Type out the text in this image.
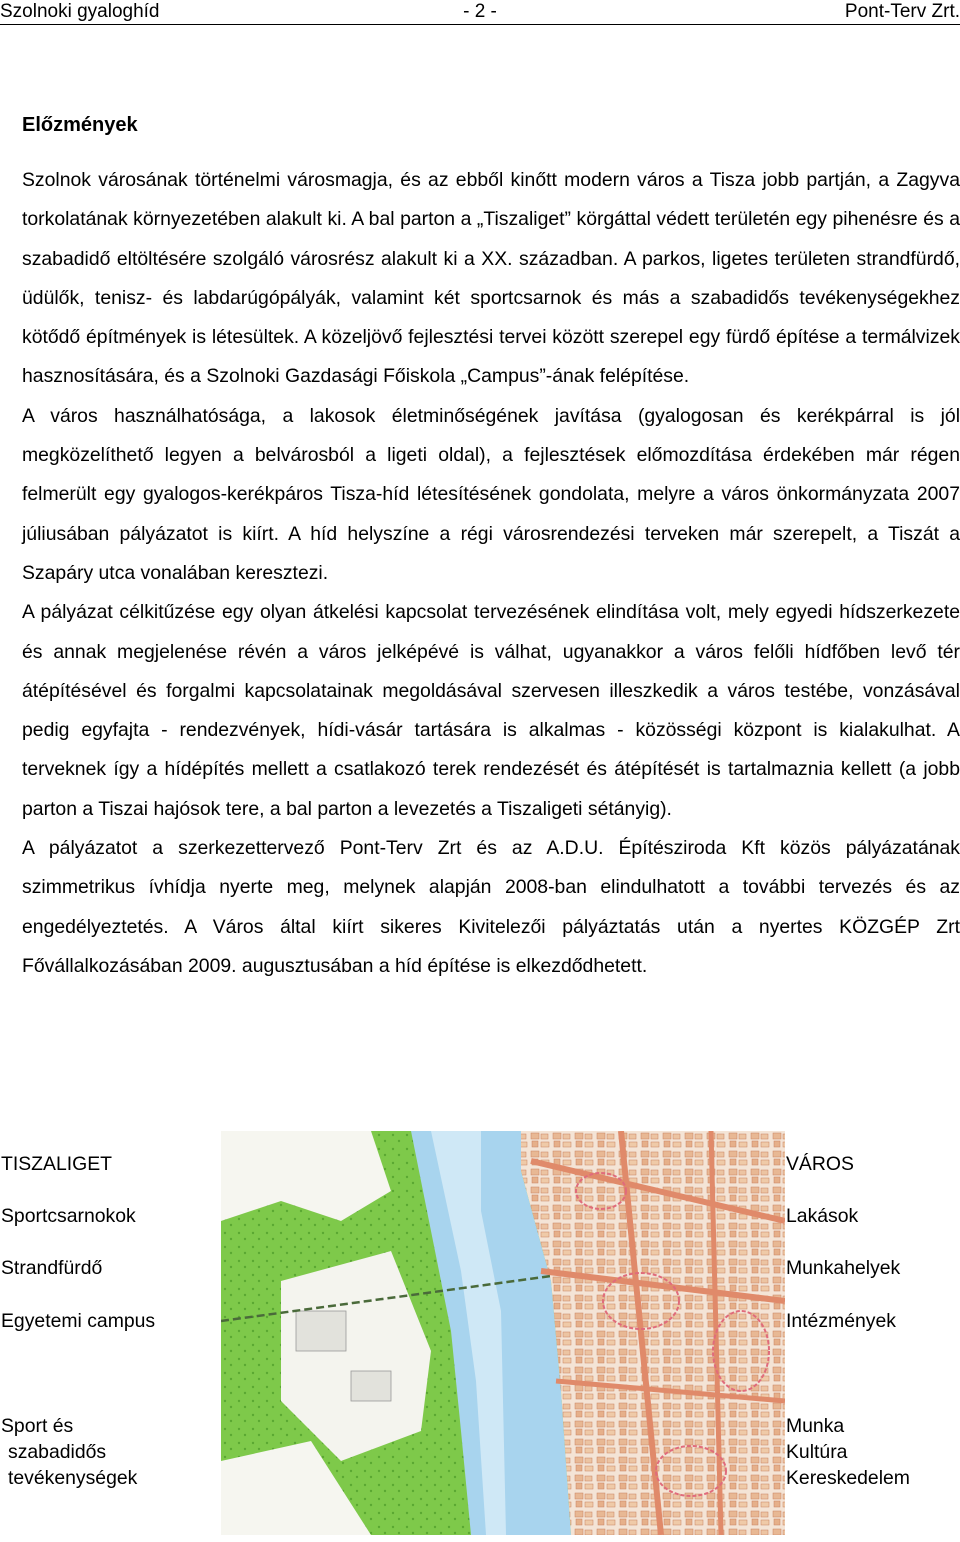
Szolnoki gyaloghíd	- 2 -	Pont-Terv Zrt.
Előzmények

Szolnok városának történelmi városmagja, és az ebből kinőtt modern város a Tisza jobb partján, a Zagyva torkolatának környezetében alakult ki. A bal parton a „Tiszaliget” körgáttal védett területén egy pihenésre és a szabadidő eltöltésére szolgáló városrész alakult ki a XX. században. A parkos, ligetes területen strandfürdő, üdülők, tenisz- és labdarúgópályák, valamint két sportcsarnok és más a szabadidős tevékenységekhez kötődő építmények is létesültek. A közeljövő fejlesztési tervei között szerepel egy fürdő építése a termálvizek hasznosítására, és a Szolnoki Gazdasági Főiskola „Campus”-ának felépítése.

A város használhatósága, a lakosok életminőségének javítása (gyalogosan és kerékpárral is jól megközelíthető legyen a belvárosból a ligeti oldal), a fejlesztések előmozdítása érdekében már régen felmerült egy gyalogos-kerékpáros Tisza-híd létesítésének gondolata, melyre a város önkormányzata 2007 júliusában pályázatot is kiírt. A híd helyszíne a régi városrendezési terveken már szerepelt, a Tiszát a Szapáry utca vonalában keresztezi.

A pályázat célkitűzése egy olyan átkelési kapcsolat tervezésének elindítása volt, mely egyedi hídszerkezete és annak megjelenése révén a város jelképévé is válhat, ugyanakkor a város felőli hídfőben levő tér átépítésével és forgalmi kapcsolatainak megoldásával szervesen illeszkedik a város testébe, vonzásával pedig egyfajta - rendezvények, hídi-vásár tartására is alkalmas - közösségi központ is kialakulhat. A terveknek így a hídépítés mellett a csatlakozó terek rendezését és átépítését is tartalmaznia kellett (a jobb parton a Tiszai hajósok tere, a bal parton a levezetés a Tiszaligeti sétányig).

A pályázatot a szerkezettervező Pont-Terv Zrt és az A.D.U. Építésziroda Kft közös pályázatának szimmetrikus ívhídja nyerte meg, melynek alapján 2008-ban elindulhatott a további tervezés és az engedélyeztetés. A Város által kiírt sikeres Kivitelezői pályáztatás után a nyertes KÖZGÉP Zrt Fővállalkozásában 2009. augusztusában a híd építése is elkezdődhetett.

TISZALIGET

Sportcsarnokok

Strandfürdő

Egyetemi campus

Sport és

szabadidős

tevékenységek

VÁROS

Lakások

Munkahelyek

Intézmények

Munka

Kultúra

Kereskedelem
